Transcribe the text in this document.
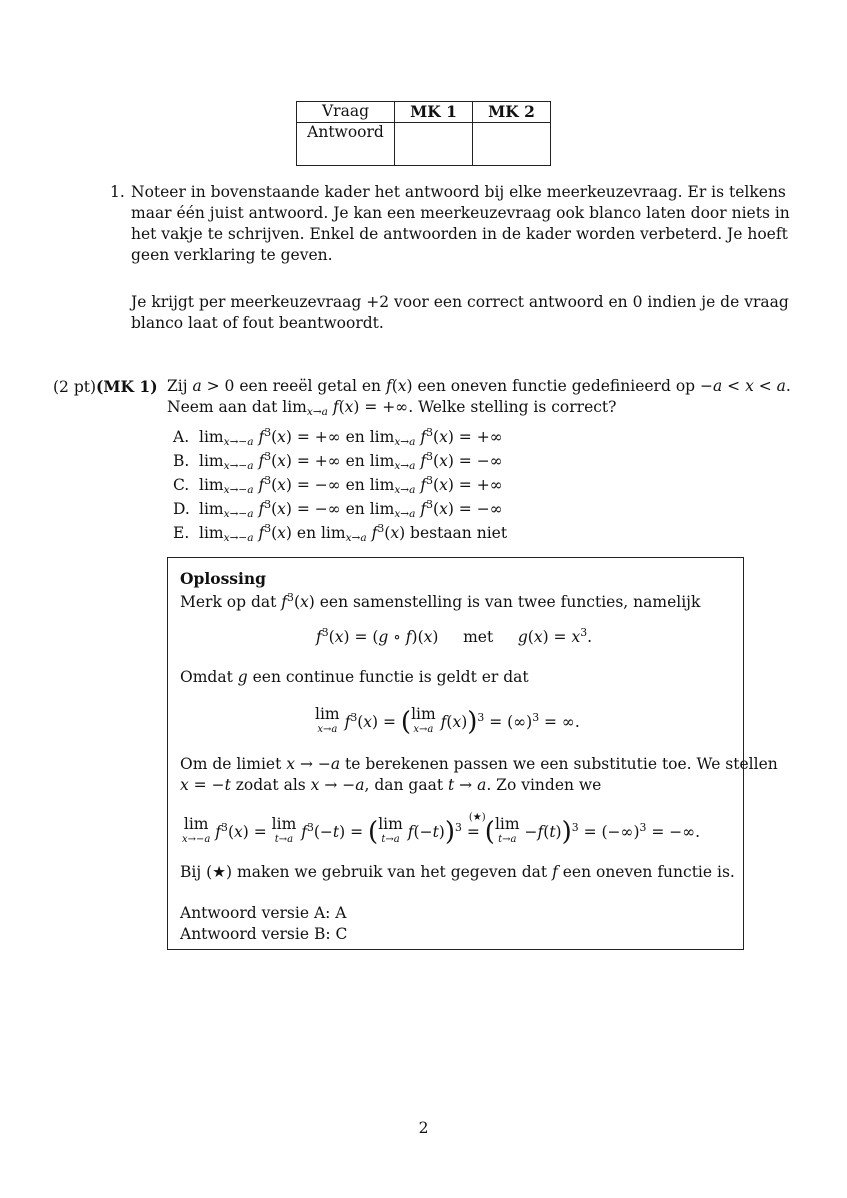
Vraag	MK 1	MK 2
Antwoord		
1. Noteer in bovenstaande kader het antwoord bij elke meerkeuzevraag. Er is telkens
maar één juist antwoord. Je kan een meerkeuzevraag ook blanco laten door niets in
het vakje te schrijven. Enkel de antwoorden in de kader worden verbeterd. Je hoeft
geen verklaring te geven.
Je krijgt per meerkeuzevraag +2 voor een correct antwoord en 0 indien je de vraag
blanco laat of fout beantwoordt.
(2 pt)(MK 1) Zij a > 0 een reeël getal en f(x) een oneven functie gedefinieerd op −a < x < a.
Neem aan dat $\lim_{x\to a} f(x)$ = +∞. Welke stelling is correct?
A. $\lim_{x\to-a} f^3(x)$ = +∞ en $\lim_{x\to a} f^3(x)$ = +∞
B. $\lim_{x\to-a} f^3(x)$ = +∞ en $\lim_{x\to a} f^3(x)$ = −∞
C. $\lim_{x\to-a} f^3(x)$ = −∞ en $\lim_{x\to a} f^3(x)$ = +∞
D. $\lim_{x\to-a} f^3(x)$ = −∞ en $\lim_{x\to a} f^3(x)$ = −∞
E. $\lim_{x\to-a} f^3(x)$ en $\lim_{x\to a} f^3(x)$ bestaan niet
Oplossing
Merk op dat $f^3(x)$ een samenstelling is van twee functies, namelijk
$f^3(x) = (g$ ∘ f)(x)     met     $g(x) = x^3$.
Omdat g een continue functie is geldt er dat
lim
x→a $f^3(x) = (\lim$
x→a f(x))$^3$ = (∞)$^3$ = ∞.
Om de limiet x → −a te berekenen passen we een substitutie toe. We stellen
x = −t zodat als x → −a, dan gaat t → a. Zo vinden we
lim
x→−a $f^3(x) = \lim$
t→a $f^3(-t) = (\lim$
t→a f(−t))$^3$
(★)
= (lim
t→a −f(t))$^3$ = (−∞)$^3$ = −∞.
Bij (★) maken we gebruik van het gegeven dat f een oneven functie is.
Antwoord versie A: A
Antwoord versie B: C
2
